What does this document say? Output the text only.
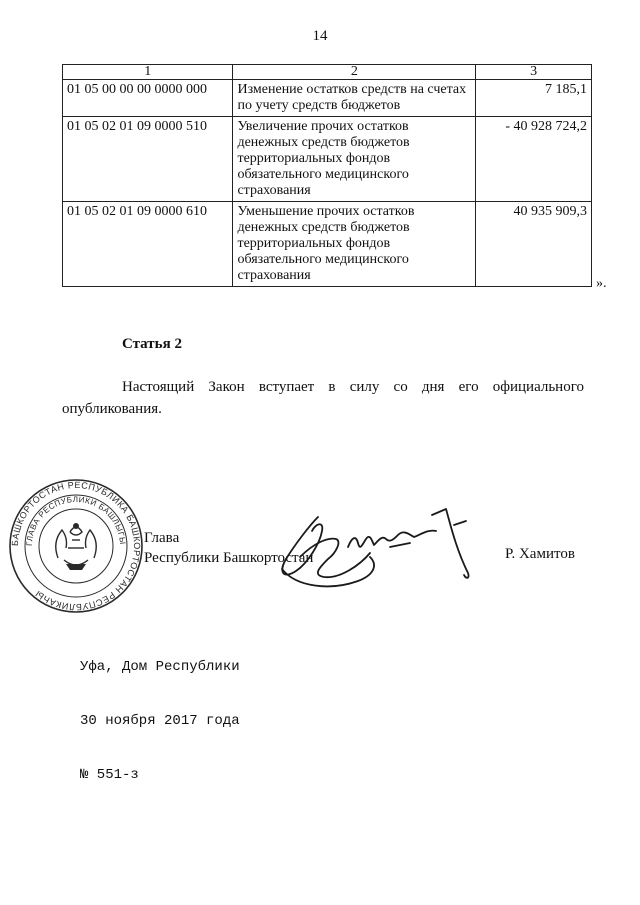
14
1	2	3
01 05 00 00 00 0000 000	Изменение остатков средств на счетах по учету средств бюджетов	7 185,1
01 05 02 01 09 0000 510	Увеличение прочих остатков денежных средств бюджетов территориальных фондов обязательного медицинского страхования	- 40 928 724,2
01 05 02 01 09 0000 610	Уменьшение прочих остатков денежных средств бюджетов территориальных фондов обязательного медицинского страхования	40 935 909,3
».
Статья 2
Настоящий Закон вступает в силу со дня его официального опубликования.
БАШКОРТОСТАН РЕСПУБЛИКА БАШКОРТОСТАН РЕСПУБЛИКАҺЫ
ГЛАВА РЕСПУБЛИКИ БАШЛЫГЫ Глава
Республики Башкортостан	Р. Хамитов

Уфа, Дом Республики

30 ноября 2017 года

№ 551-з
